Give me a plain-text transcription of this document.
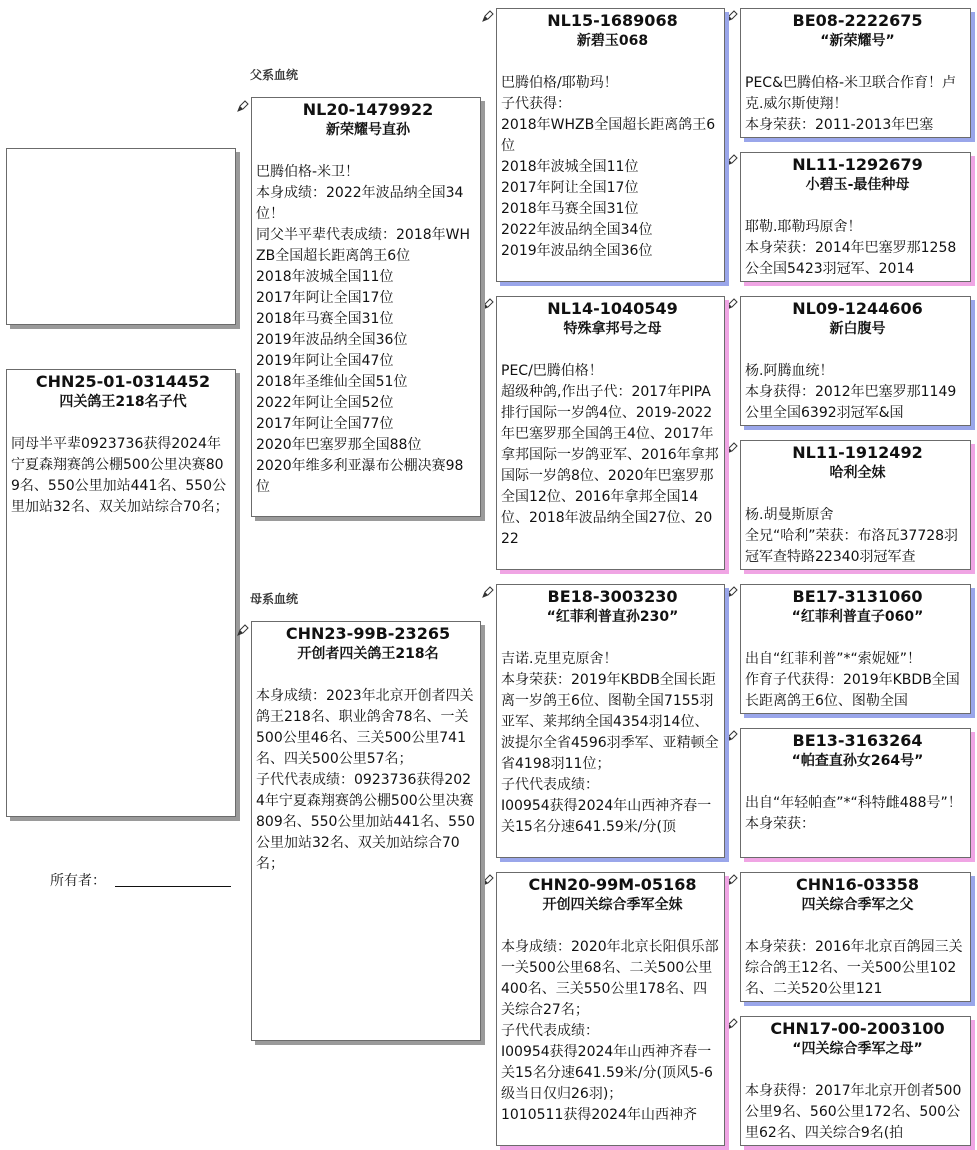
CHN25-01-0314452
四关鸽王218名子代
同母半平辈0923736获得2024年宁夏森翔赛鸽公棚500公里决赛809名、550公里加站441名、550公里加站32名、双关加站综合70名；
所有者：
父系血统
母系血统
NL20-1479922
新荣耀号直孙
巴腾伯格-米卫！
本身成绩：2022年波品纳全国34位！
同父半平辈代表成绩：2018年WHZB全国超长距离鸽王6位
2018年波城全国11位
2017年阿让全国17位
2018年马赛全国31位
2019年波品纳全国36位
2019年阿让全国47位
2018年圣维仙全国51位
2022年阿让全国52位
2017年阿让全国77位
2020年巴塞罗那全国88位
2020年维多利亚瀑布公棚决赛98位
CHN23-99B-23265
开创者四关鸽王218名
本身成绩：2023年北京开创者四关鸽王218名、职业鸽舍78名、一关500公里46名、三关500公里741名、四关500公里57名；
子代代表成绩：0923736获得2024年宁夏森翔赛鸽公棚500公里决赛809名、550公里加站441名、550公里加站32名、双关加站综合70名；
NL15-1689068
新碧玉068
巴腾伯格/耶勒玛！
子代获得：
2018年WHZB全国超长距离鸽王6位
2018年波城全国11位
2017年阿让全国17位
2018年马赛全国31位
2022年波品纳全国34位
2019年波品纳全国36位
NL14-1040549
特殊拿邦号之母
PEC/巴腾伯格！
超级种鸽,作出子代：2017年PIPA排行国际一岁鸽4位、2019-2022年巴塞罗那全国鸽王4位、2017年拿邦国际一岁鸽亚军、2016年拿邦国际一岁鸽8位、2020年巴塞罗那全国12位、2016年拿邦全国14位、2018年波品纳全国27位、2022
BE18-3003230
“红菲利普直孙230”
吉诺.克里克原舍！
本身荣获：2019年KBDB全国长距离一岁鸽王6位、图勒全国7155羽亚军、莱邦纳全国4354羽14位、波提尔全省4596羽季军、亚精顿全省4198羽11位；
子代代表成绩：
I00954获得2024年山西神齐春一关15名分速641.59米/分(顶
CHN20-99M-05168
开创四关综合季军全妹
本身成绩：2020年北京长阳俱乐部一关500公里68名、二关500公里400名、三关550公里178名、四关综合27名；
子代代表成绩：
I00954获得2024年山西神齐春一关15名分速641.59米/分(顶风5-6级当日仅归26羽)；
1010511获得2024年山西神齐
BE08-2222675
“新荣耀号”
PEC&巴腾伯格-米卫联合作育！卢克.威尔斯使翔！
本身荣获：2011-2013年巴塞
NL11-1292679
小碧玉-最佳种母
耶勒.耶勒玛原舍！
本身荣获：2014年巴塞罗那1258公全国5423羽冠军、2014
NL09-1244606
新白腹号
杨.阿腾血统！
本身获得：2012年巴塞罗那1149公里全国6392羽冠军&国
NL11-1912492
哈利全妹
杨.胡曼斯原舍
全兄“哈利”荣获：布洛瓦37728羽冠军查特路22340羽冠军查
BE17-3131060
“红菲利普直子060”
出自“红菲利普”*“索妮娅”！
作育子代获得：2019年KBDB全国长距离鸽王6位、图勒全国
BE13-3163264
“帕查直孙女264号”
出自“年轻帕查”*“科特雌488号”！
本身荣获：
CHN16-03358
四关综合季军之父
本身荣获：2016年北京百鸽园三关综合鸽王12名、一关500公里102名、二关520公里121
CHN17-00-2003100
“四关综合季军之母”
本身获得：2017年北京开创者500公里9名、560公里172名、500公里62名、四关综合9名(拍
